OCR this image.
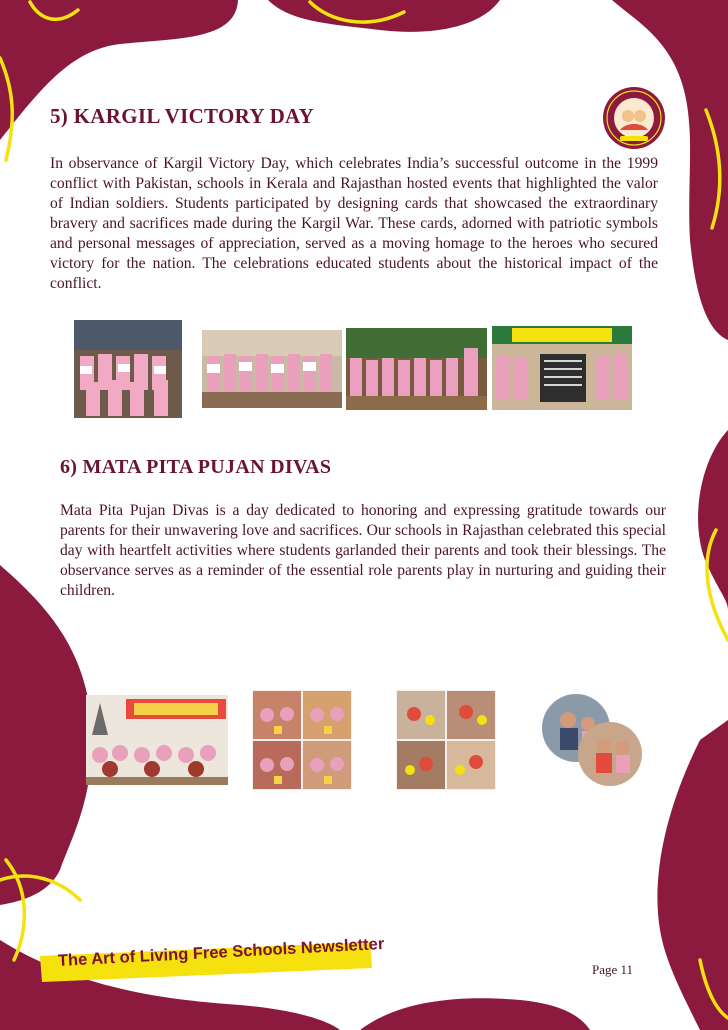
5) KARGIL VICTORY DAY

In observance of Kargil Victory Day, which celebrates India’s successful outcome in the 1999 conflict with Pakistan, schools in Kerala and Rajasthan hosted events that highlighted the valor of Indian soldiers. Students participated by designing cards that showcased the extraordinary bravery and sacrifices made during the Kargil War. These cards, adorned with patriotic symbols and personal messages of appreciation, served as a moving homage to the heroes who secured victory for the nation. The celebrations educated students about the historical impact of the conflict.

6) MATA PITA PUJAN DIVAS

Mata Pita Pujan Divas is a day dedicated to honoring and expressing gratitude towards our parents for their unwavering love and sacrifices. Our schools in Rajasthan celebrated this special day with heartfelt activities where students garlanded their parents and took their blessings. The observance serves as a reminder of the essential role parents play in nurturing and guiding their children.

The Art of Living Free Schools Newsletter	Page 11
